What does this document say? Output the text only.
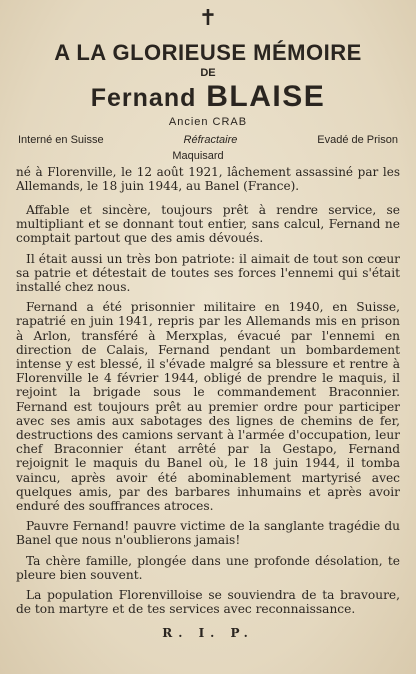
✝
A LA GLORIEUSE MÉMOIRE
DE
Fernand BLAISE
Ancien CRAB
Interné en Suisse	Réfractaire	Evadé de Prison
Maquisard
né à Florenville, le 12 août 1921, lâchement assassiné par les Allemands, le 18 juin 1944, au Banel (France).

Affable et sincère, toujours prêt à rendre service, se multipliant et se donnant tout entier, sans calcul, Fernand ne comptait partout que des amis dévoués.

Il était aussi un très bon patriote: il aimait de tout son cœur sa patrie et détestait de toutes ses forces l'ennemi qui s'était installé chez nous.

Fernand a été prisonnier militaire en 1940, en Suisse, rapatrié en juin 1941, repris par les Allemands mis en prison à Arlon, transféré à Merxplas, évacué par l'ennemi en direction de Calais, Fernand pendant un bombardement intense y est blessé, il s'évade malgré sa blessure et rentre à Florenville le 4 février 1944, obligé de prendre le maquis, il rejoint la brigade sous le commandement Braconnier. Fernand est toujours prêt au premier ordre pour participer avec ses amis aux sabotages des lignes de chemins de fer, destructions des camions servant à l'armée d'occupation, leur chef Braconnier étant arrêté par la Gestapo, Fernand rejoignit le maquis du Banel où, le 18 juin 1944, il tomba vaincu, après avoir été abominablement martyrisé avec quelques amis, par des barbares inhumains et après avoir enduré des souffrances atroces.

Pauvre Fernand! pauvre victime de la sanglante tragédie du Banel que nous n'oublierons jamais!

Ta chère famille, plongée dans une profonde désolation, te pleure bien souvent.

La population Florenvilloise se souviendra de ta bravoure, de ton martyre et de tes services avec reconnaissance.

R. I. P.
